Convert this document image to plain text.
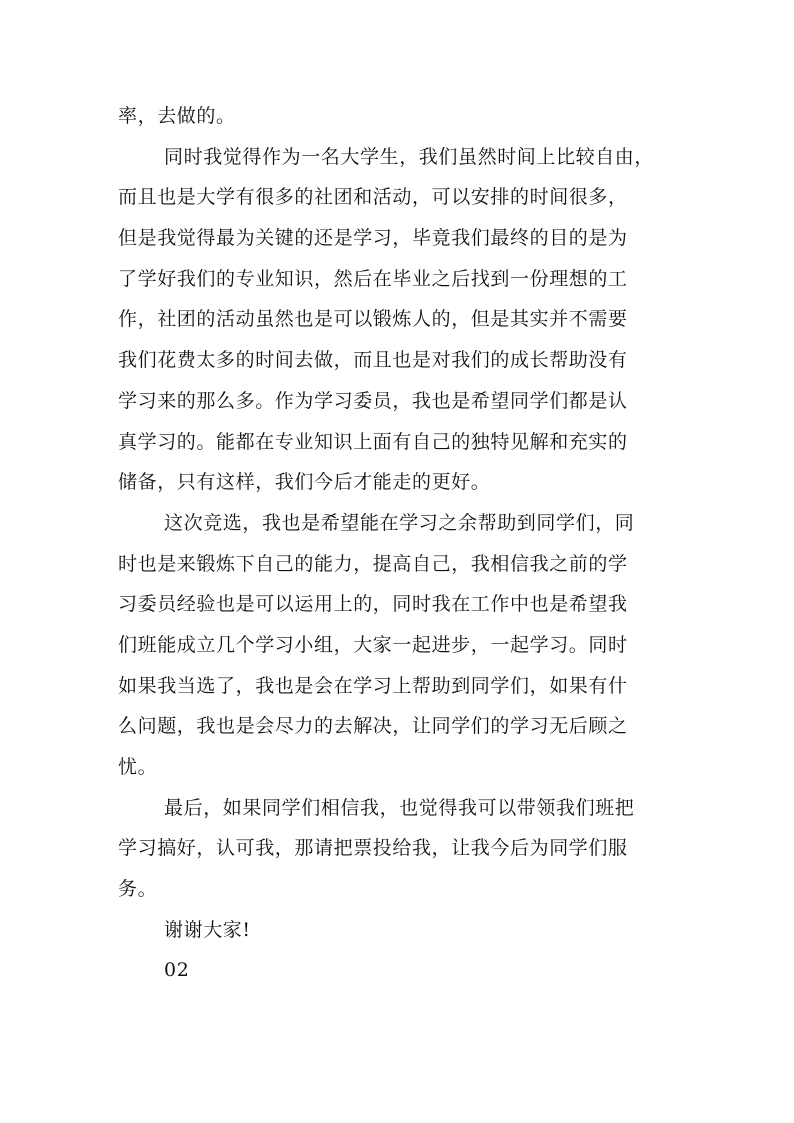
率，去做的。
同时我觉得作为一名大学生，我们虽然时间上比较自由，
而且也是大学有很多的社团和活动，可以安排的时间很多，
但是我觉得最为关键的还是学习，毕竟我们最终的目的是为
了学好我们的专业知识，然后在毕业之后找到一份理想的工
作，社团的活动虽然也是可以锻炼人的，但是其实并不需要
我们花费太多的时间去做，而且也是对我们的成长帮助没有
学习来的那么多。作为学习委员，我也是希望同学们都是认
真学习的。能都在专业知识上面有自己的独特见解和充实的
储备，只有这样，我们今后才能走的更好。
这次竞选，我也是希望能在学习之余帮助到同学们，同
时也是来锻炼下自己的能力，提高自己，我相信我之前的学
习委员经验也是可以运用上的，同时我在工作中也是希望我
们班能成立几个学习小组，大家一起进步，一起学习。同时
如果我当选了，我也是会在学习上帮助到同学们，如果有什
么问题，我也是会尽力的去解决，让同学们的学习无后顾之
忧。
最后，如果同学们相信我，也觉得我可以带领我们班把
学习搞好，认可我，那请把票投给我，让我今后为同学们服
务。
谢谢大家!
02
